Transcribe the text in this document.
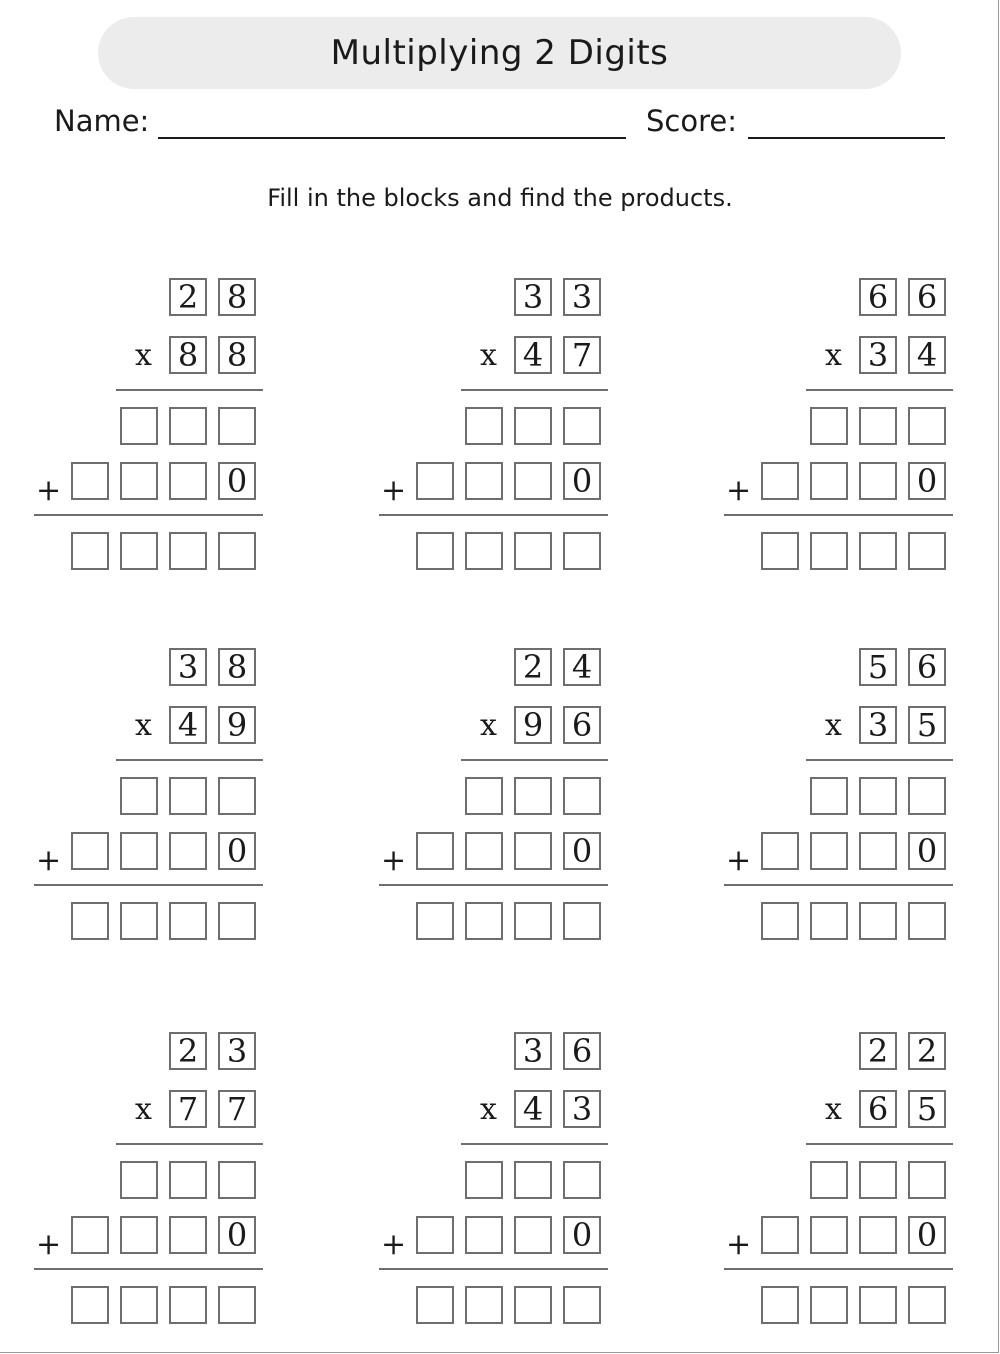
Multiplying 2 Digits
Name:	Score:
Fill in the blocks and find the products.
2 8
x 8 8
+	0
3 3
x 4 7
+	0
6 6
x 3 4
+	0
3 8
x 4 9
+	0
2 4
x 9 6
+	0
5 6
x 3 5
+	0
2 3
x 7 7
+	0
3 6
x 4 3
+	0
2 2
x 6 5
+	0
